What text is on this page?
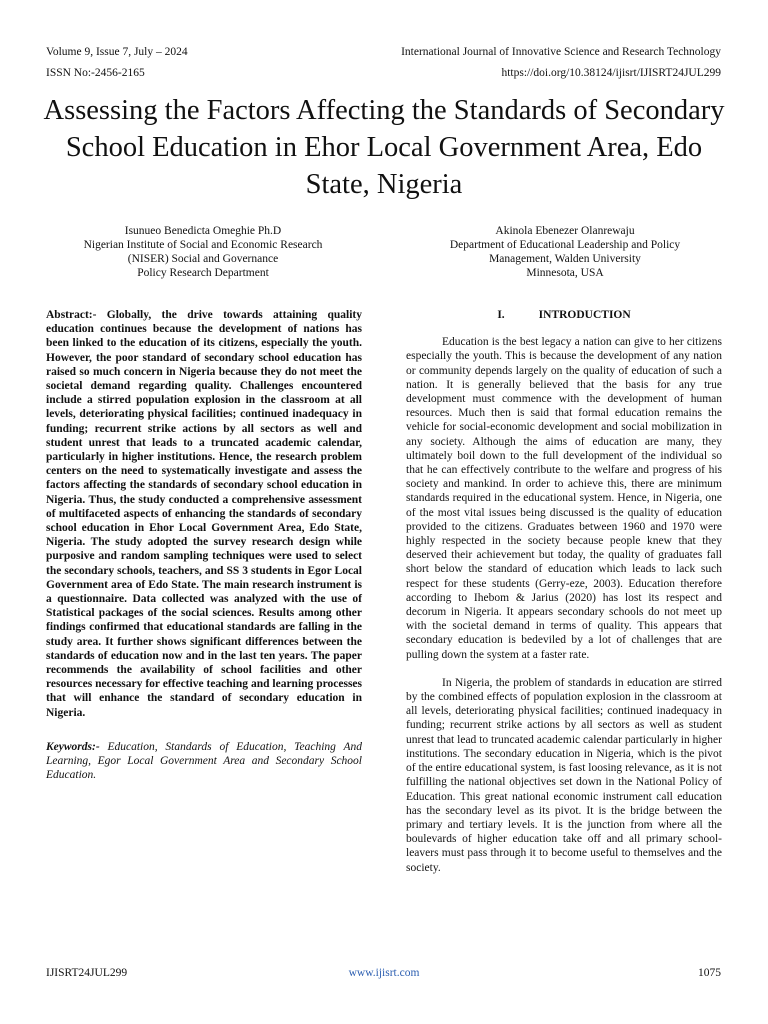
Volume 9, Issue 7, July – 2024	International Journal of Innovative Science and Research Technology
ISSN No:-2456-2165	https://doi.org/10.38124/ijisrt/IJISRT24JUL299
Assessing the Factors Affecting the Standards of Secondary School Education in Ehor Local Government Area, Edo State, Nigeria
Isunueo Benedicta Omeghie Ph.D
Nigerian Institute of Social and Economic Research
(NISER) Social and Governance
Policy Research Department
Akinola Ebenezer Olanrewaju
Department of Educational Leadership and Policy
Management, Walden University
Minnesota, USA
Abstract:- Globally, the drive towards attaining quality education continues because the development of nations has been linked to the education of its citizens, especially the youth. However, the poor standard of secondary school education has raised so much concern in Nigeria because they do not meet the societal demand regarding quality. Challenges encountered include a stirred population explosion in the classroom at all levels, deteriorating physical facilities; continued inadequacy in funding; recurrent strike actions by all sectors as well and student unrest that leads to a truncated academic calendar, particularly in higher institutions. Hence, the research problem centers on the need to systematically investigate and assess the factors affecting the standards of secondary school education in Nigeria. Thus, the study conducted a comprehensive assessment of multifaceted aspects of enhancing the standards of secondary school education in Ehor Local Government Area, Edo State, Nigeria. The study adopted the survey research design while purposive and random sampling techniques were used to select the secondary schools, teachers, and SS 3 students in Egor Local Government area of Edo State. The main research instrument is a questionnaire. Data collected was analyzed with the use of Statistical packages of the social sciences. Results among other findings confirmed that educational standards are falling in the study area. It further shows significant differences between the standards of education now and in the last ten years. The paper recommends the availability of school facilities and other resources necessary for effective teaching and learning processes that will enhance the standard of secondary education in Nigeria.
Keywords:- Education, Standards of Education, Teaching And Learning, Egor Local Government Area and Secondary School Education.
I.	INTRODUCTION

Education is the best legacy a nation can give to her citizens especially the youth. This is because the development of any nation or community depends largely on the quality of education of such a nation. It is generally believed that the basis for any true development must commence with the development of human resources. Much then is said that formal education remains the vehicle for social-economic development and social mobilization in any society. Although the aims of education are many, they ultimately boil down to the full development of the individual so that he can effectively contribute to the welfare and progress of his society and mankind. In order to achieve this, there are minimum standards required in the educational system. Hence, in Nigeria, one of the most vital issues being discussed is the quality of education provided to the citizens. Graduates between 1960 and 1970 were highly respected in the society because people knew that they deserved their achievement but today, the quality of graduates fall short below the standard of education which leads to lack such respect for these students (Gerry-eze, 2003). Education therefore according to Ihebom & Jarius (2020) has lost its respect and decorum in Nigeria. It appears secondary schools do not meet up with the societal demand in terms of quality. This appears that secondary education is bedeviled by a lot of challenges that are pulling down the system at a faster rate.

In Nigeria, the problem of standards in education are stirred by the combined effects of population explosion in the classroom at all levels, deteriorating physical facilities; continued inadequacy in funding; recurrent strike actions by all sectors as well as student unrest that lead to truncated academic calendar particularly in higher institutions. The secondary education in Nigeria, which is the pivot of the entire educational system, is fast loosing relevance, as it is not fulfilling the national objectives set down in the National Policy of Education. This great national economic instrument call education has the secondary level as its pivot. It is the bridge between the primary and tertiary levels. It is the junction from where all the boulevards of higher education take off and all primary school- leavers must pass through it to become useful to themselves and the society.

IJISRT24JUL299	www.ijisrt.com	1075
